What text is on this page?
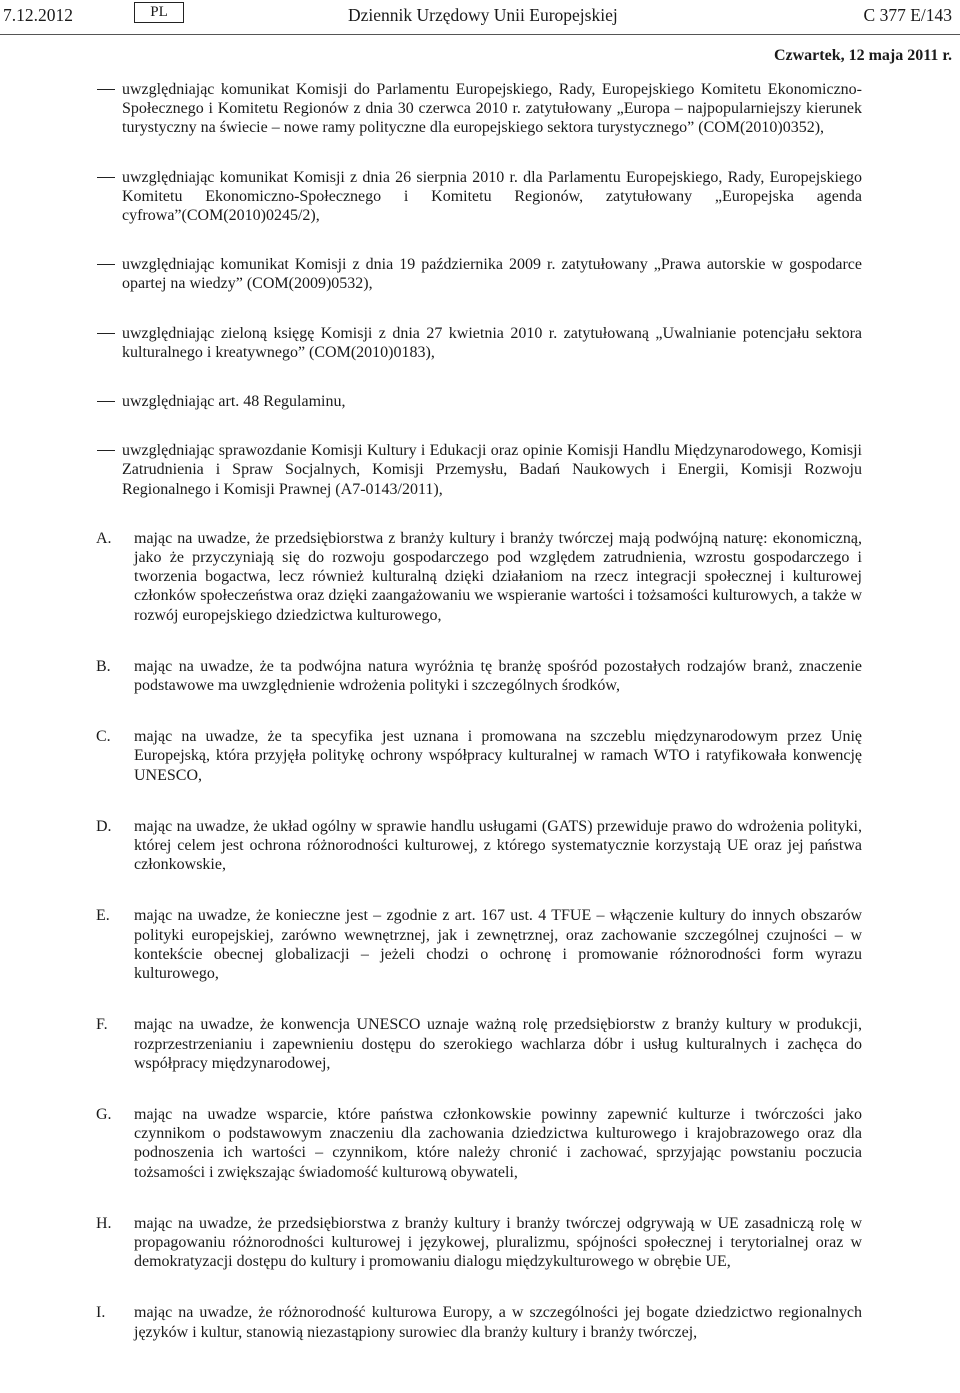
7.12.2012	PL	Dziennik Urzędowy Unii Europejskiej	C 377 E/143
Czwartek, 12 maja 2011 r.
uwzględniając komunikat Komisji do Parlamentu Europejskiego, Rady, Europejskiego Komitetu Ekonomiczno-Społecznego i Komitetu Regionów z dnia 30 czerwca 2010 r. zatytułowany „Europa – najpopularniejszy kierunek turystyczny na świecie – nowe ramy polityczne dla europejskiego sektora turystycznego” (COM(2010)0352),
uwzględniając komunikat Komisji z dnia 26 sierpnia 2010 r. dla Parlamentu Europejskiego, Rady, Europejskiego Komitetu Ekonomiczno-Społecznego i Komitetu Regionów, zatytułowany „Europejska agenda cyfrowa”(COM(2010)0245/2),
uwzględniając komunikat Komisji z dnia 19 października 2009 r. zatytułowany „Prawa autorskie w gospodarce opartej na wiedzy” (COM(2009)0532),
uwzględniając zieloną księgę Komisji z dnia 27 kwietnia 2010 r. zatytułowaną „Uwalnianie potencjału sektora kulturalnego i kreatywnego” (COM(2010)0183),
uwzględniając art. 48 Regulaminu,
uwzględniając sprawozdanie Komisji Kultury i Edukacji oraz opinie Komisji Handlu Międzynarodowego, Komisji Zatrudnienia i Spraw Socjalnych, Komisji Przemysłu, Badań Naukowych i Energii, Komisji Rozwoju Regionalnego i Komisji Prawnej (A7-0143/2011),
A. mając na uwadze, że przedsiębiorstwa z branży kultury i branży twórczej mają podwójną naturę: ekonomiczną, jako że przyczyniają się do rozwoju gospodarczego pod względem zatrudnienia, wzrostu gospodarczego i tworzenia bogactwa, lecz również kulturalną dzięki działaniom na rzecz integracji społecznej i kulturowej członków społeczeństwa oraz dzięki zaangażowaniu we wspieranie wartości i tożsamości kulturowych, a także w rozwój europejskiego dziedzictwa kulturowego,
B. mając na uwadze, że ta podwójna natura wyróżnia tę branżę spośród pozostałych rodzajów branż, znaczenie podstawowe ma uwzględnienie wdrożenia polityki i szczególnych środków,
C. mając na uwadze, że ta specyfika jest uznana i promowana na szczeblu międzynarodowym przez Unię Europejską, która przyjęła politykę ochrony współpracy kulturalnej w ramach WTO i ratyfikowała konwencję UNESCO,
D. mając na uwadze, że układ ogólny w sprawie handlu usługami (GATS) przewiduje prawo do wdrożenia polityki, której celem jest ochrona różnorodności kulturowej, z którego systematycznie korzystają UE oraz jej państwa członkowskie,
E. mając na uwadze, że konieczne jest – zgodnie z art. 167 ust. 4 TFUE – włączenie kultury do innych obszarów polityki europejskiej, zarówno wewnętrznej, jak i zewnętrznej, oraz zachowanie szczególnej czujności – w kontekście obecnej globalizacji – jeżeli chodzi o ochronę i promowanie różnorodności form wyrazu kulturowego,
F. mając na uwadze, że konwencja UNESCO uznaje ważną rolę przedsiębiorstw z branży kultury w produkcji, rozprzestrzenianiu i zapewnieniu dostępu do szerokiego wachlarza dóbr i usług kulturalnych i zachęca do współpracy międzynarodowej,
G. mając na uwadze wsparcie, które państwa członkowskie powinny zapewnić kulturze i twórczości jako czynnikom o podstawowym znaczeniu dla zachowania dziedzictwa kulturowego i krajobrazowego oraz dla podnoszenia ich wartości – czynnikom, które należy chronić i zachować, sprzyjając powstaniu poczucia tożsamości i zwiększając świadomość kulturową obywateli,
H. mając na uwadze, że przedsiębiorstwa z branży kultury i branży twórczej odgrywają w UE zasadniczą rolę w propagowaniu różnorodności kulturowej i językowej, pluralizmu, spójności społecznej i terytorialnej oraz w demokratyzacji dostępu do kultury i promowaniu dialogu międzykulturowego w obrębie UE,
I. mając na uwadze, że różnorodność kulturowa Europy, a w szczególności jej bogate dziedzictwo regionalnych języków i kultur, stanowią niezastąpiony surowiec dla branży kultury i branży twórczej,
